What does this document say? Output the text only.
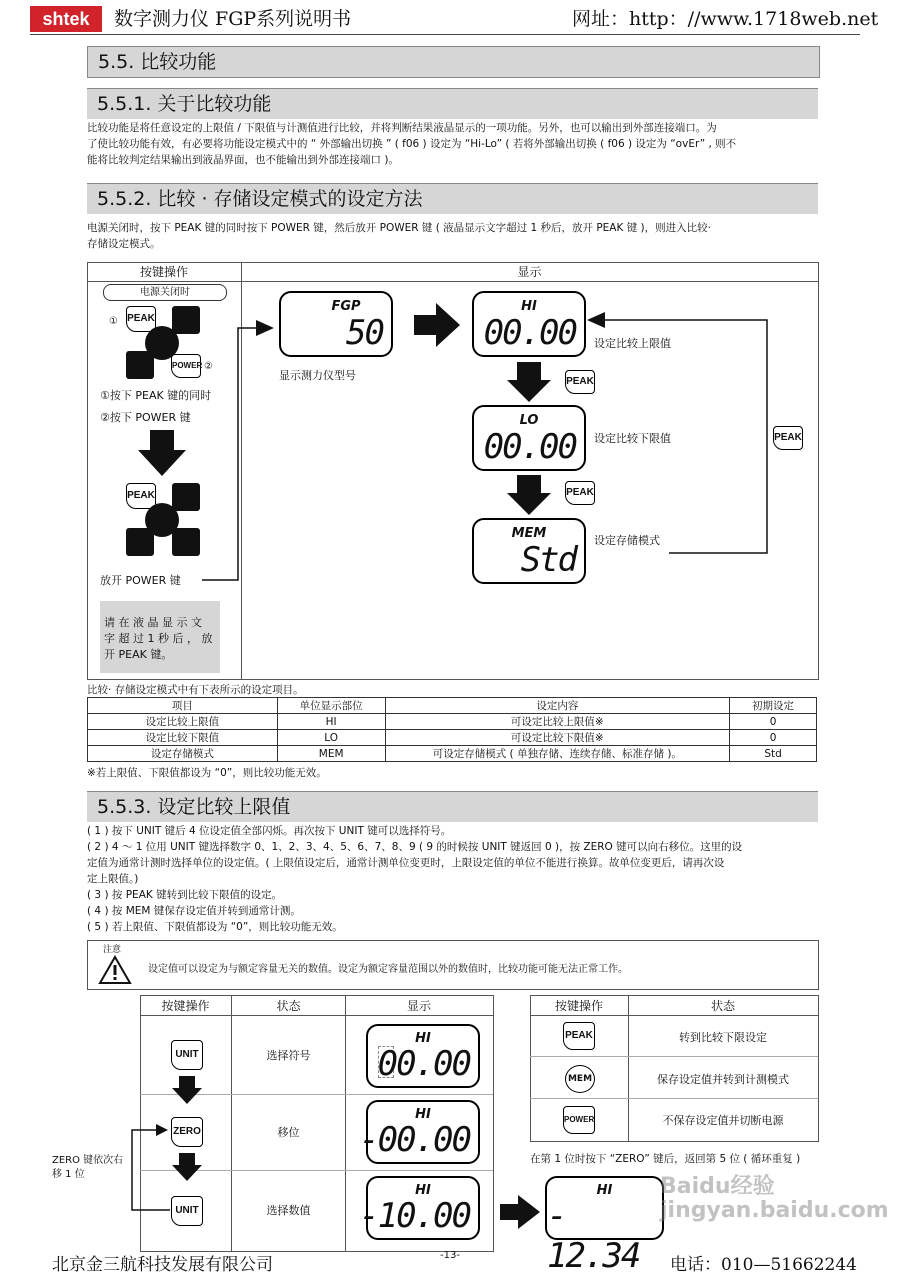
shtek	数字测力仪 FGP系列说明书	网址：http：//www.1718web.net
5.5. 比较功能
5.5.1. 关于比较功能
比较功能是将任意设定的上限值 / 下限值与计测值进行比较，并将判断结果液晶显示的一项功能。另外，也可以输出到外部连接端口。为
了使比较功能有效，有必要将功能设定模式中的 “ 外部输出切换 ” ( f06 ) 设定为 “Hi-Lo” ( 若将外部输出切换 ( f06 ) 设定为 “ovEr” , 则不
能将比较判定结果输出到液晶界面，也不能输出到外部连接端口 )。
5.5.2. 比较 · 存储设定模式的设定方法
电源关闭时，按下 PEAK 键的同时按下 POWER 键，然后放开 POWER 键 ( 液晶显示文字超过 1 秒后，放开 PEAK 键 )，则进入比较·
存储设定模式。
按键操作	显示
电源关闭时
① PEAK
POWER ②
①按下 PEAK 键的同时
②按下 POWER 键
PEAK
放开 POWER 键
请 在 液 晶 显 示 文 字 超 过 1 秒 后 ， 放 开 PEAK 键。
FGP
50
显示测力仪型号
HI
00.00 设定比较上限值
PEAK
LO
00.00 设定比较下限值
PEAK
MEM
Std 设定存储模式
PEAK
比较· 存储设定模式中有下表所示的设定项目。
项目	单位显示部位	设定内容	初期设定
设定比较上限值	HI	可设定比较上限值※	0
设定比较下限值	LO	可设定比较下限值※	0
设定存储模式	MEM	可设定存储模式 ( 单独存储、连续存储、标准存储 )。	Std
※若上限值、下限值都设为 “0”，则比较功能无效。
5.5.3. 设定比较上限值
( 1 ) 按下 UNIT 键后 4 位设定值全部闪烁。再次按下 UNIT 键可以选择符号。
( 2 ) 4 ～ 1 位用 UNIT 键选择数字 0、1、2、3、4、5、6、7、8、9 ( 9 的时候按 UNIT 键返回 0 )，按 ZERO 键可以向右移位。这里的设
定值为通常计测时选择单位的设定值。( 上限值设定后，通常计测单位变更时，上限设定值的单位不能进行换算。故单位变更后，请再次设
定上限值。)
( 3 ) 按 PEAK 键转到比较下限值的设定。
( 4 ) 按 MEM 键保存设定值并转到通常计测。
( 5 ) 若上限值、下限值都设为 “0”，则比较功能无效。
注意
设定值可以设定为与额定容量无关的数值。设定为额定容量范围以外的数值时，比较功能可能无法正常工作。
按键操作	状态	显示
UNIT	选择符号
HI
00.00
ZERO	移位
HI
-00.00
UNIT	选择数值
HI
-10.00
ZERO 键依次右移 1 位
HI
- 12.34
按键操作	状态
PEAK	转到比较下限设定
MEM	保存设定值并转到计测模式
POWER	不保存设定值并切断电源
在第 1 位时按下 “ZERO” 键后，返回第 5 位 ( 循环重复 )
Baidu经验 jingyan.baidu.com
北京金三航科技发展有限公司	-13-	电话：010—51662244
